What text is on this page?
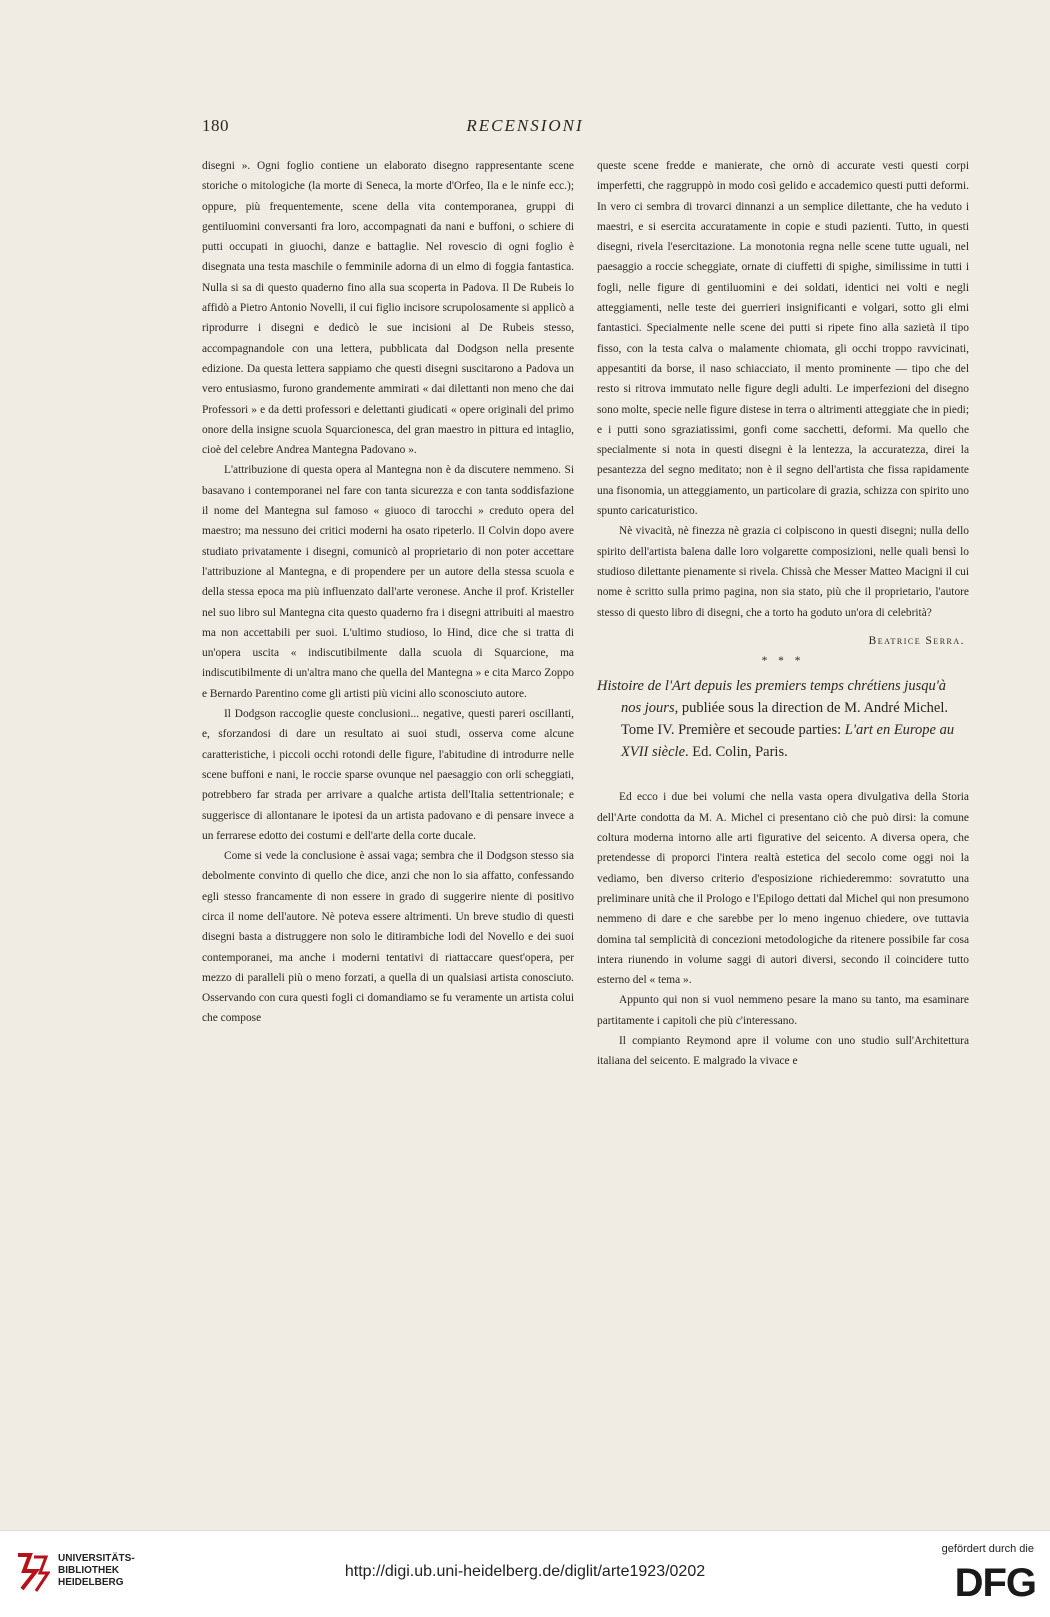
180	RECENSIONI

disegni ». Ogni foglio contiene un elaborato disegno rappresentante scene storiche o mitologiche (la morte di Seneca, la morte d'Orfeo, Ila e le ninfe ecc.); oppure, più frequentemente, scene della vita contemporanea, gruppi di gentiluomini conversanti fra loro, accompagnati da nani e buffoni, o schiere di putti occupati in giuochi, danze e battaglie. Nel rovescio di ogni foglio è disegnata una testa maschile o femminile adorna di un elmo di foggia fantastica. Nulla si sa di questo quaderno fino alla sua scoperta in Padova. Il De Rubeis lo affidò a Pietro Antonio Novelli, il cui figlio incisore scrupolosamente si applicò a riprodurre i disegni e dedicò le sue incisioni al De Rubeis stesso, accompagnandole con una lettera, pubblicata dal Dodgson nella presente edizione. Da questa lettera sappiamo che questi disegni suscitarono a Padova un vero entusiasmo, furono grandemente ammirati « dai dilettanti non meno che dai Professori » e da detti professori e delettanti giudicati « opere originali del primo onore della insigne scuola Squarcionesca, del gran maestro in pittura ed intaglio, cioè del celebre Andrea Mantegna Padovano ».

L'attribuzione di questa opera al Mantegna non è da discutere nemmeno. Si basavano i contemporanei nel fare con tanta sicurezza e con tanta soddisfazione il nome del Mantegna sul famoso « giuoco di tarocchi » creduto opera del maestro; ma nessuno dei critici moderni ha osato ripeterlo. Il Colvin dopo avere studiato privatamente i disegni, comunicò al proprietario di non poter accettare l'attribuzione al Mantegna, e di propendere per un autore della stessa scuola e della stessa epoca ma più influenzato dall'arte veronese. Anche il prof. Kristeller nel suo libro sul Mantegna cita questo quaderno fra i disegni attribuiti al maestro ma non accettabili per suoi. L'ultimo studioso, lo Hind, dice che si tratta di un'opera uscita « indiscutibilmente dalla scuola di Squarcione, ma indiscutibilmente di un'altra mano che quella del Mantegna » e cita Marco Zoppo e Bernardo Parentino come gli artisti più vicini allo sconosciuto autore.

Il Dodgson raccoglie queste conclusioni... negative, questi pareri oscillanti, e, sforzandosi di dare un resultato ai suoi studi, osserva come alcune caratteristiche, i piccoli occhi rotondi delle figure, l'abitudine di introdurre nelle scene buffoni e nani, le roccie sparse ovunque nel paesaggio con orli scheggiati, potrebbero far strada per arrivare a qualche artista dell'Italia settentrionale; e suggerisce di allontanare le ipotesi da un artista padovano e di pensare invece a un ferrarese edotto dei costumi e dell'arte della corte ducale.

Come si vede la conclusione è assai vaga; sembra che il Dodgson stesso sia debolmente convinto di quello che dice, anzi che non lo sia affatto, confessando egli stesso francamente di non essere in grado di suggerire niente di positivo circa il nome dell'autore. Nè poteva essere altrimenti. Un breve studio di questi disegni basta a distruggere non solo le ditirambiche lodi del Novello e dei suoi contemporanei, ma anche i moderni tentativi di riattaccare quest'opera, per mezzo di paralleli più o meno forzati, a quella di un qualsiasi artista conosciuto. Osservando con cura questi fogli ci domandiamo se fu veramente un artista colui che compose

queste scene fredde e manierate, che ornò di accurate vesti questi corpi imperfetti, che raggruppò in modo così gelido e accademico questi putti deformi. In vero ci sembra di trovarci dinnanzi a un semplice dilettante, che ha veduto i maestri, e si esercita accuratamente in copie e studi pazienti. Tutto, in questi disegni, rivela l'esercitazione. La monotonia regna nelle scene tutte uguali, nel paesaggio a roccie scheggiate, ornate di ciuffetti di spighe, similissime in tutti i fogli, nelle figure di gentiluomini e dei soldati, identici nei volti e negli atteggiamenti, nelle teste dei guerrieri insignificanti e volgari, sotto gli elmi fantastici. Specialmente nelle scene dei putti si ripete fino alla sazietà il tipo fisso, con la testa calva o malamente chiomata, gli occhi troppo ravvicinati, appesantiti da borse, il naso schiacciato, il mento prominente — tipo che del resto si ritrova immutato nelle figure degli adulti. Le imperfezioni del disegno sono molte, specie nelle figure distese in terra o altrimenti atteggiate che in piedi; e i putti sono sgraziatissimi, gonfi come sacchetti, deformi. Ma quello che specialmente si nota in questi disegni è la lentezza, la accuratezza, direi la pesantezza del segno meditato; non è il segno dell'artista che fissa rapidamente una fisonomia, un atteggiamento, un particolare di grazia, schizza con spirito uno spunto caricaturistico.

Nè vivacità, nè finezza nè grazia ci colpiscono in questi disegni; nulla dello spirito dell'artista balena dalle loro volgarette composizioni, nelle quali bensì lo studioso dilettante pienamente si rivela. Chissà che Messer Matteo Macigni il cui nome è scritto sulla primo pagina, non sia stato, più che il proprietario, l'autore stesso di questo libro di disegni, che a torto ha goduto un'ora di celebrità?

Beatrice Serra.
* * *
Histoire de l'Art depuis les premiers temps chrétiens jusqu'à nos jours, publiée sous la direction de M. André Michel. Tome IV. Première et secoude parties: L'art en Europe au XVII siècle. Ed. Colin, Paris.

Ed ecco i due bei volumi che nella vasta opera divulgativa della Storia dell'Arte condotta da M. A. Michel ci presentano ciò che può dirsi: la comune coltura moderna intorno alle arti figurative del seicento. A diversa opera, che pretendesse di proporci l'intera realtà estetica del secolo come oggi noi la vediamo, ben diverso criterio d'esposizione richiederemmo: sovratutto una preliminare unità che il Prologo e l'Epilogo dettati dal Michel qui non presumono nemmeno di dare e che sarebbe per lo meno ingenuo chiedere, ove tuttavia domina tal semplicità di concezioni metodologiche da ritenere possibile far cosa intera riunendo in volume saggi di autori diversi, secondo il coincidere tutto esterno del « tema ».

Appunto qui non si vuol nemmeno pesare la mano su tanto, ma esaminare partitamente i capitoli che più c'interessano.

Il compianto Reymond apre il volume con uno studio sull'Architettura italiana del seicento. E malgrado la vivace e

UNIVERSITÄTS-
BIBLIOTHEK
HEIDELBERG
http://digi.ub.uni-heidelberg.de/diglit/arte1923/0202
gefördert durch die
DFG
